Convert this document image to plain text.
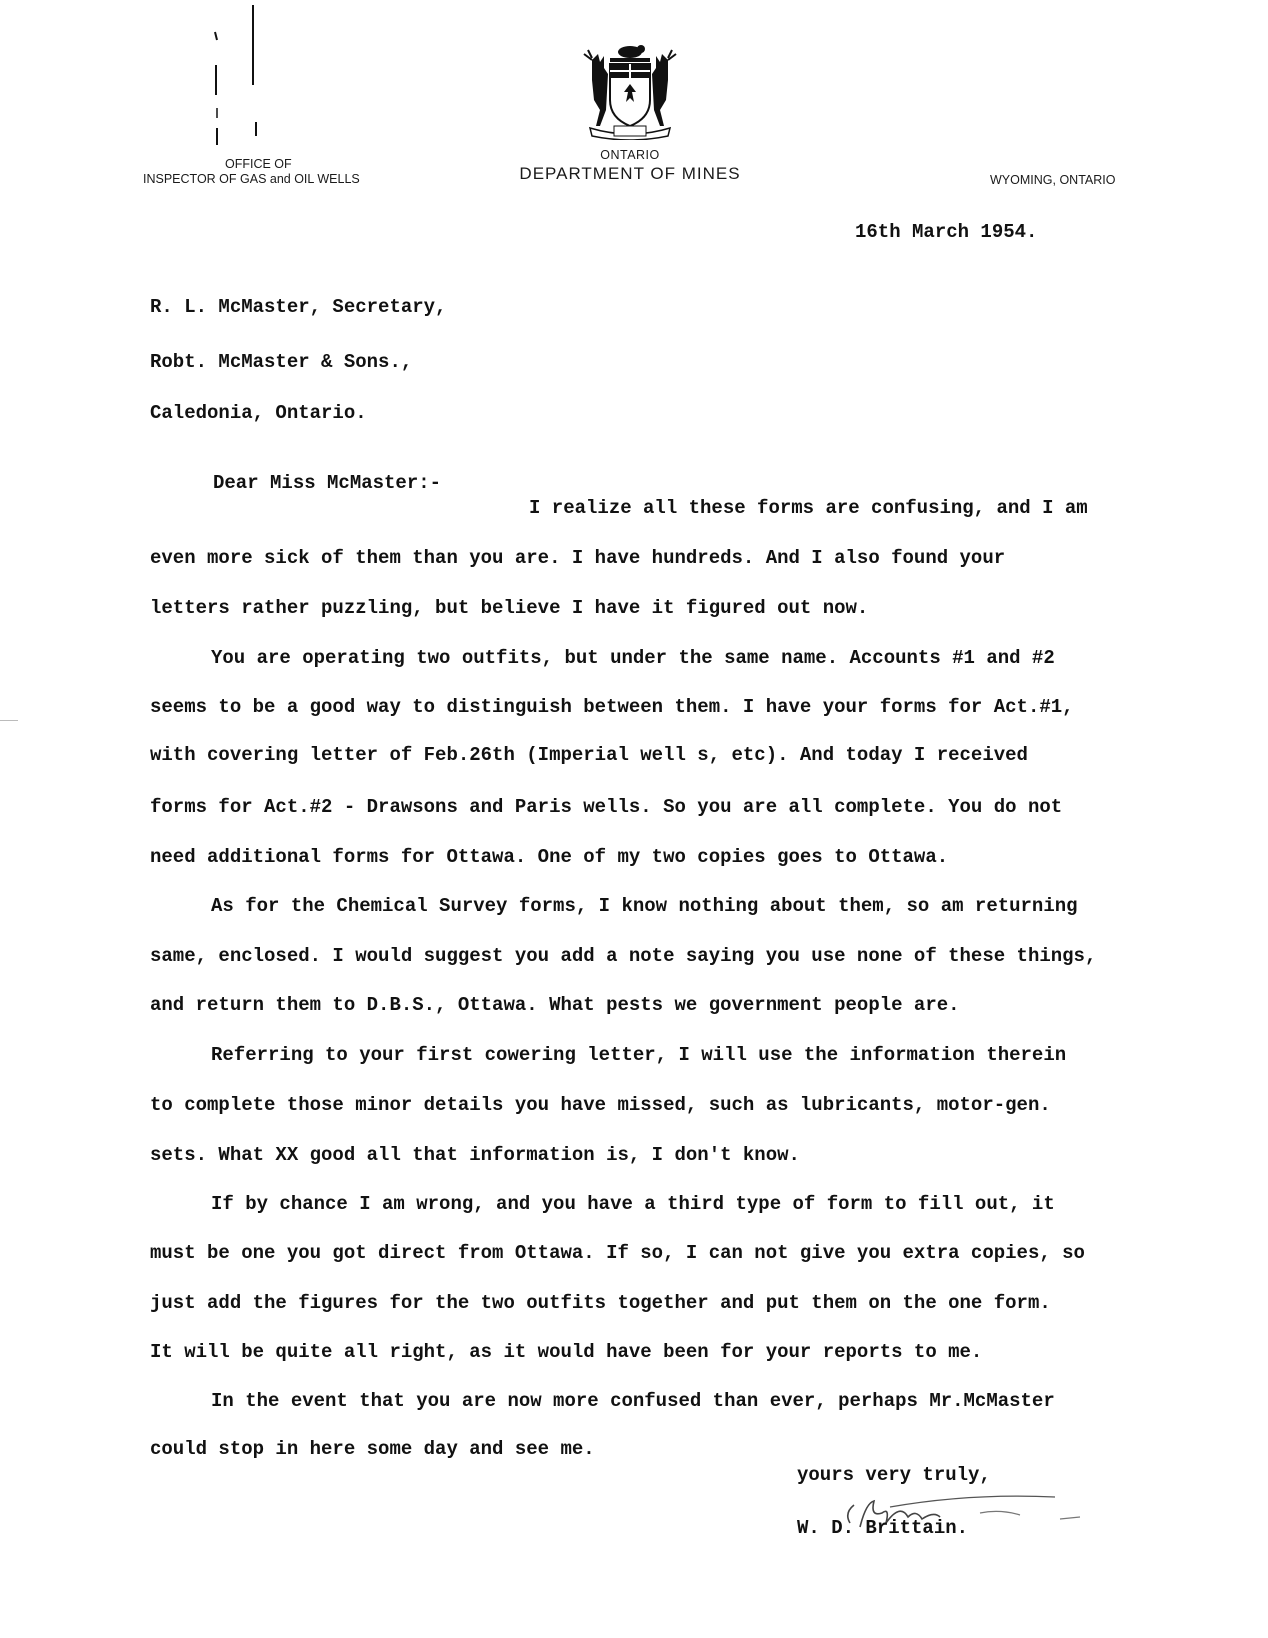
OFFICE OF
INSPECTOR OF GAS and OIL WELLS
ONTARIO
DEPARTMENT OF MINES	WYOMING, ONTARIO
16th March 1954.
R. L. McMaster, Secretary,
Robt. McMaster & Sons.,
Caledonia, Ontario.
Dear Miss McMaster:-
I realize all these forms are confusing, and I am
even more sick of them than you are. I have hundreds. And I also found your
letters rather puzzling, but believe I have it figured out now.
You are operating two outfits, but under the same name. Accounts #1 and #2
seems to be a good way to distinguish between them. I have your forms for Act.#1,
with covering letter of Feb.26th (Imperial well s, etc). And today I received
forms for Act.#2 - Drawsons and Paris wells. So you are all complete. You do not
need additional forms for Ottawa. One of my two copies goes to Ottawa.
As for the Chemical Survey forms, I know nothing about them, so am returning
same, enclosed. I would suggest you add a note saying you use none of these things,
and return them to D.B.S., Ottawa. What pests we government people are.
Referring to your first cowering letter, I will use the information therein
to complete those minor details you have missed, such as lubricants, motor-gen.
sets. What XX good all that information is, I don't know.
If by chance I am wrong, and you have a third type of form to fill out, it
must be one you got direct from Ottawa. If so, I can not give you extra copies, so
just add the figures for the two outfits together and put them on the one form.
It will be quite all right, as it would have been for your reports to me.
In the event that you are now more confused than ever, perhaps Mr.McMaster
could stop in here some day and see me.
yours very truly,
W. D. Brittain.
